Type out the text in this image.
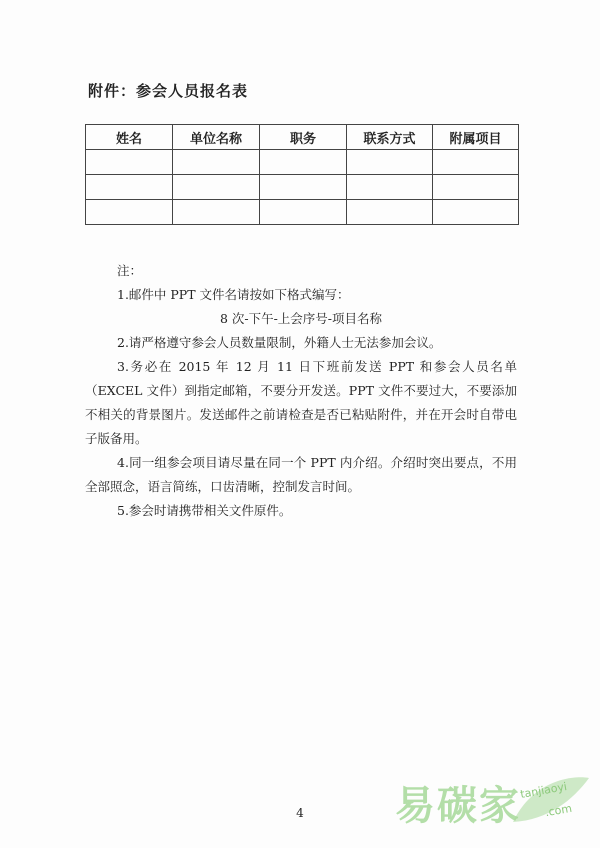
附件：参会人员报名表
姓名	单位名称	职务	联系方式	附属项目

注：

1.邮件中 PPT 文件名请按如下格式编写：

8 次-下午-上会序号-项目名称

2.请严格遵守参会人员数量限制，外籍人士无法参加会议。

3.务必在 2015 年 12 月 11 日下班前发送 PPT 和参会人员名单（EXCEL 文件）到指定邮箱，不要分开发送。PPT 文件不要过大，不要添加不相关的背景图片。发送邮件之前请检查是否已粘贴附件，并在开会时自带电子版备用。

4.同一组参会项目请尽量在同一个 PPT 内介绍。介绍时突出要点，不用全部照念，语言简练，口齿清晰，控制发言时间。

5.参会时请携带相关文件原件。

4	易碳家
tanjiaoyi
.com
